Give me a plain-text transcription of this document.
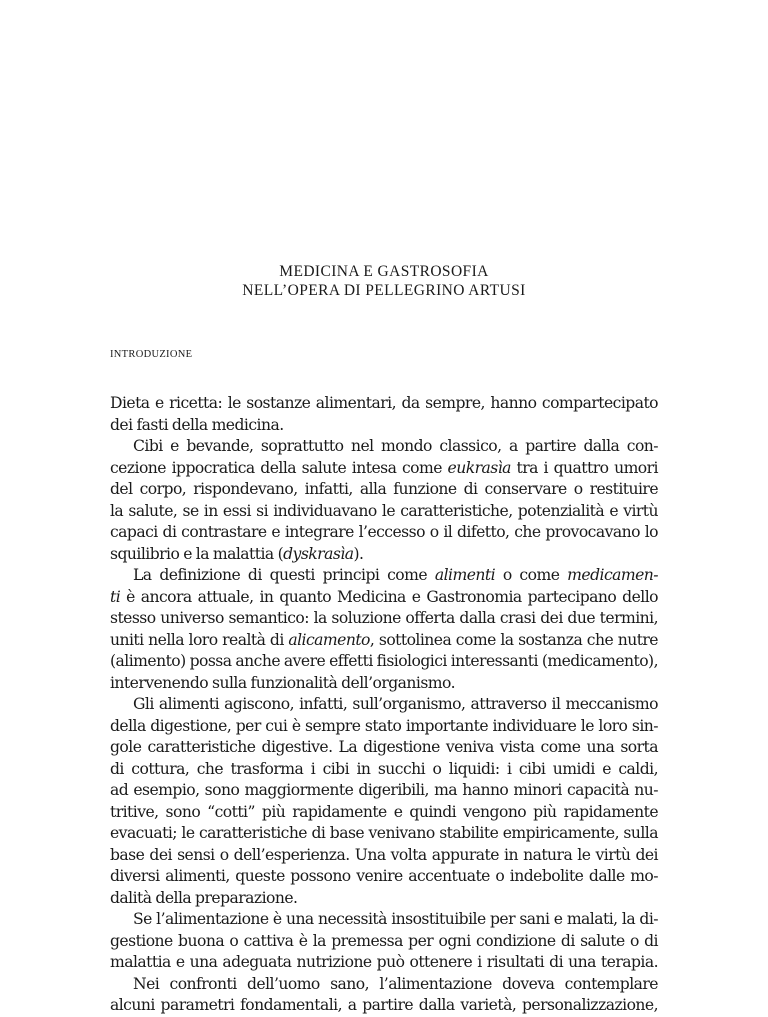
MEDICINA E GASTROSOFIA
NELL’OPERA DI PELLEGRINO ARTUSI
INTRODUZIONE
Dieta e ricetta: le sostanze alimentari, da sempre, hanno compartecipato
dei fasti della medicina.
Cibi e bevande, soprattutto nel mondo classico, a partire dalla con-
cezione ippocratica della salute intesa come eukrasìa tra i quattro umori
del corpo, rispondevano, infatti, alla funzione di conservare o restituire
la salute, se in essi si individuavano le caratteristiche, potenzialità e virtù
capaci di contrastare e integrare l’eccesso o il difetto, che provocavano lo
squilibrio e la malattia (dyskrasìa).
La definizione di questi principi come alimenti o come medicamen-
ti è ancora attuale, in quanto Medicina e Gastronomia partecipano dello
stesso universo semantico: la soluzione offerta dalla crasi dei due termini,
uniti nella loro realtà di alicamento, sottolinea come la sostanza che nutre
(alimento) possa anche avere effetti fisiologici interessanti (medicamento),
intervenendo sulla funzionalità dell’organismo.
Gli alimenti agiscono, infatti, sull’organismo, attraverso il meccanismo
della digestione, per cui è sempre stato importante individuare le loro sin-
gole caratteristiche digestive. La digestione veniva vista come una sorta
di cottura, che trasforma i cibi in succhi o liquidi: i cibi umidi e caldi,
ad esempio, sono maggiormente digeribili, ma hanno minori capacità nu-
tritive, sono “cotti” più rapidamente e quindi vengono più rapidamente
evacuati; le caratteristiche di base venivano stabilite empiricamente, sulla
base dei sensi o dell’esperienza. Una volta appurate in natura le virtù dei
diversi alimenti, queste possono venire accentuate o indebolite dalle mo-
dalità della preparazione.
Se l’alimentazione è una necessità insostituibile per sani e malati, la di-
gestione buona o cattiva è la premessa per ogni condizione di salute o di
malattia e una adeguata nutrizione può ottenere i risultati di una terapia.
Nei confronti dell’uomo sano, l’alimentazione doveva contemplare
alcuni parametri fondamentali, a partire dalla varietà, personalizzazione,
